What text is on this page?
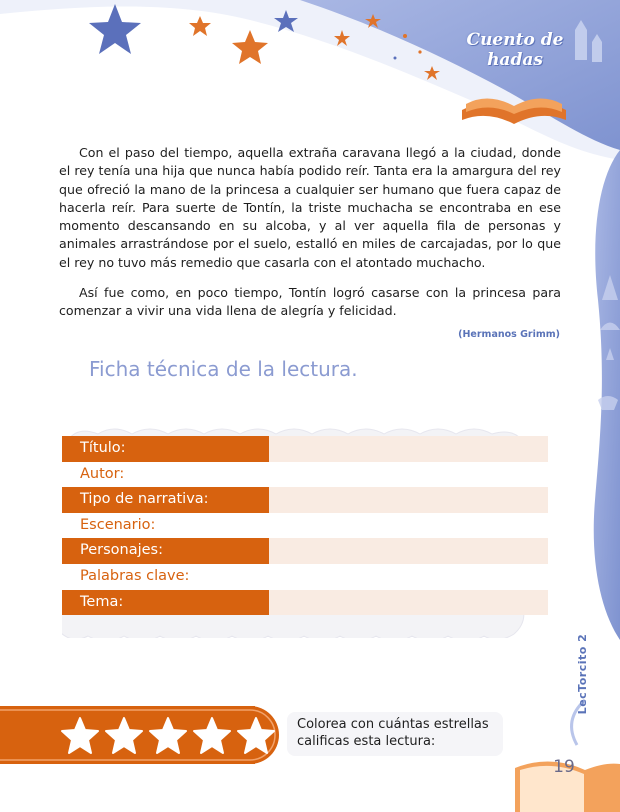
Cuento de
hadas

Con el paso del tiempo, aquella extraña caravana llegó a la ciudad, donde el rey tenía una hija que nunca había podido reír. Tanta era la amargura del rey que ofreció la mano de la princesa a cualquier ser humano que fuera capaz de hacerla reír. Para suerte de Tontín, la triste muchacha se encontraba en ese momento descansando en su alcoba, y al ver aquella fila de personas y animales arrastrándose por el suelo, estalló en miles de carcajadas, por lo que el rey no tuvo más remedio que casarla con el atontado muchacho.

Así fue como, en poco tiempo, Tontín logró casarse con la princesa para comenzar a vivir una vida llena de alegría y felicidad.

(Hermanos Grimm)
Ficha técnica de la lectura.
Título:
Autor:
Tipo de narrativa:
Escenario:
Personajes:
Palabras clave:
Tema:
Colorea con cuántas estrellas calificas esta lectura:
LecTorcito 2
19
